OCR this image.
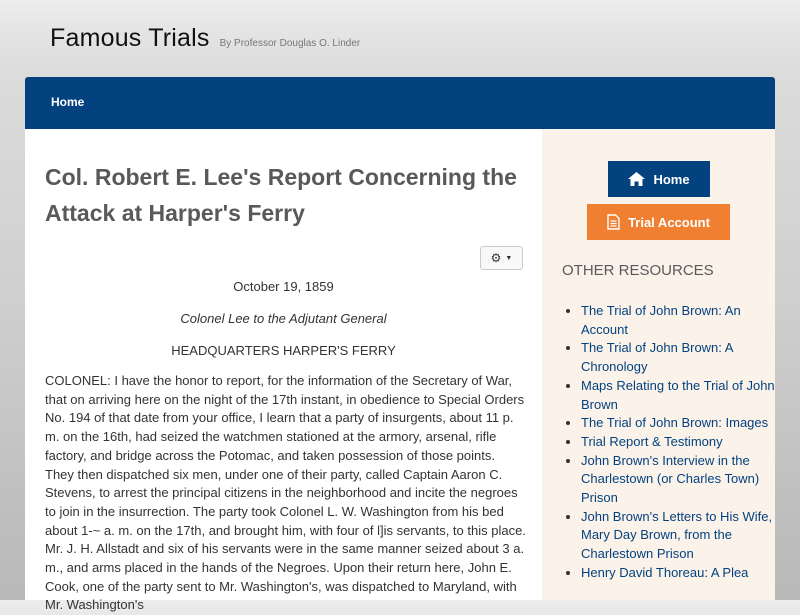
Famous Trials By Professor Douglas O. Linder
Home
Col. Robert E. Lee's Report Concerning the Attack at Harper's Ferry
⚙ ▼
October 19, 1859
Colonel Lee to the Adjutant General
HEADQUARTERS HARPER'S FERRY

COLONEL: I have the honor to report, for the information of the Secretary of War, that on arriving here on the night of the 17th instant, in obedience to Special Orders No. 194 of that date from your office, I learn that a party of insurgents, about 11 p. m. on the 16th, had seized the watchmen stationed at the armory, arsenal, rifle factory, and bridge across the Potomac, and taken possession of those points. They then dispatched six men, under one of their party, called Captain Aaron C. Stevens, to arrest the principal citizens in the neighborhood and incite the negroes to join in the insurrection. The party took Colonel L. W. Washington from his bed about 1-~ a. m. on the 17th, and brought him, with four of l]is servants, to this place. Mr. J. H. Allstadt and six of his servants were in the same manner seized about 3 a. m., and arms placed in the hands of the Negroes. Upon their return here, John E. Cook, one of the party sent to Mr. Washington's, was dispatched to Maryland, with Mr. Washington's

Home
Trial Account
OTHER RESOURCES
• The Trial of John Brown: An Account
• The Trial of John Brown: A Chronology
• Maps Relating to the Trial of John Brown
• The Trial of John Brown: Images
• Trial Report & Testimony
• John Brown's Interview in the Charlestown (or Charles Town) Prison
• John Brown's Letters to His Wife, Mary Day Brown, from the Charlestown Prison
• Henry David Thoreau: A Plea
